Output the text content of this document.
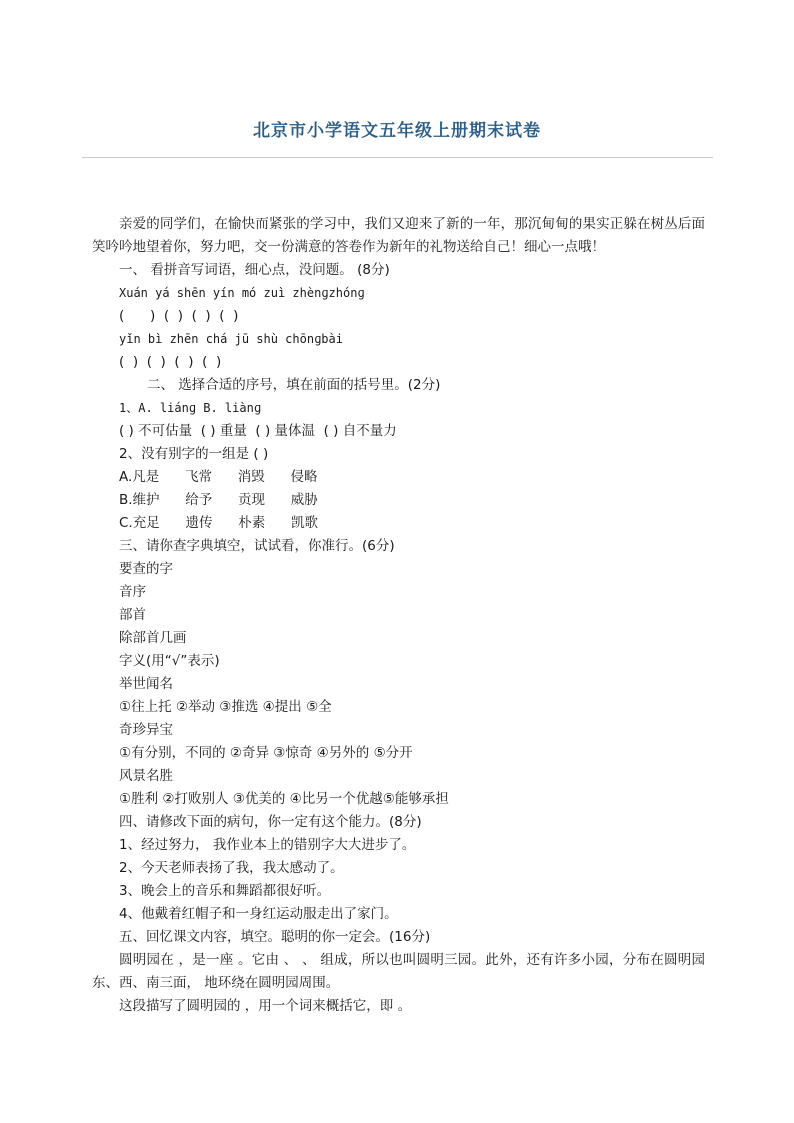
北京市小学语文五年级上册期末试卷

亲爱的同学们，在愉快而紧张的学习中，我们又迎来了新的一年，那沉甸甸的果实正躲在树丛后面笑吟吟地望着你，努力吧，交一份满意的答卷作为新年的礼物送给自己！细心一点哦！

一、 看拼音写词语，细心点，没问题。 (8分)

Xuán yá shēn yín mó zuì zhènɡzhónɡ

(      )  (  )  (  )  (  )

yǐn bì zhēn chá jū shù chōnɡbài

(  )  (  )  (  )  (  )

二、 选择合适的序号，填在前面的括号里。(2分)

1、A. liánɡ B. liànɡ

( ) 不可估量  ( ) 重量  ( ) 量体温  ( ) 自不量力

2、没有别字的一组是 ( )

A.凡是      飞常      消毁      侵略

B.维护      给予      贡现      威胁

C.充足      遗传      朴素      凯歌

三、请你查字典填空，试试看，你准行。(6分)

要查的字

音序

部首

除部首几画

字义(用“√”表示)

举世闻名

①往上托 ②举动 ③推选 ④提出 ⑤全

奇珍异宝

①有分别，不同的 ②奇异 ③惊奇 ④另外的 ⑤分开

风景名胜

①胜利 ②打败别人 ③优美的 ④比另一个优越⑤能够承担

四、请修改下面的病句，你一定有这个能力。(8分)

1、经过努力， 我作业本上的错别字大大进步了。

2、今天老师表扬了我，我太感动了。

3、晚会上的音乐和舞蹈都很好听。

4、他戴着红帽子和一身红运动服走出了家门。

五、回忆课文内容，填空。聪明的你一定会。(16分)

圆明园在 ，是一座 。它由 、 、 组成，所以也叫圆明三园。此外，还有许多小园，分布在圆明园东、西、南三面， 地环绕在圆明园周围。

这段描写了圆明园的 ，用一个词来概括它，即 。
